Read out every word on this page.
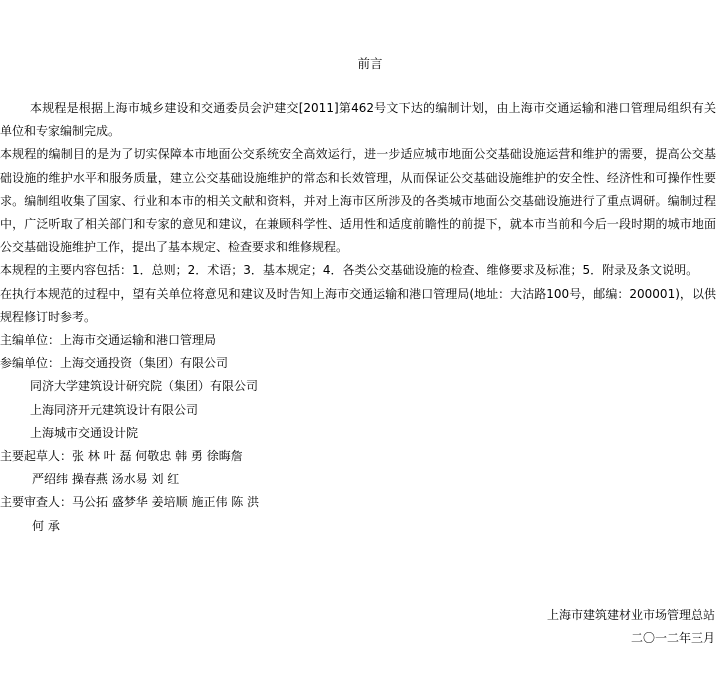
前言

本规程是根据上海市城乡建设和交通委员会沪建交[2011]第462号文下达的编制计划，由上海市交通运输和港口管理局组织有关单位和专家编制完成。

本规程的编制目的是为了切实保障本市地面公交系统安全高效运行，进一步适应城市地面公交基础设施运营和维护的需要，提高公交基础设施的维护水平和服务质量，建立公交基础设施维护的常态和长效管理，从而保证公交基础设施维护的安全性、经济性和可操作性要求。编制组收集了国家、行业和本市的相关文献和资料，并对上海市区所涉及的各类城市地面公交基础设施进行了重点调研。编制过程中，广泛听取了相关部门和专家的意见和建议，在兼顾科学性、适用性和适度前瞻性的前提下，就本市当前和今后一段时期的城市地面公交基础设施维护工作，提出了基本规定、检查要求和维修规程。

本规程的主要内容包括：1．总则；2．术语；3．基本规定；4．各类公交基础设施的检查、维修要求及标准；5．附录及条文说明。

在执行本规范的过程中，望有关单位将意见和建议及时告知上海市交通运输和港口管理局(地址：大沽路100号，邮编：200001)，以供规程修订时参考。

主编单位：上海市交通运输和港口管理局
参编单位：上海交通投资（集团）有限公司
同济大学建筑设计研究院（集团）有限公司
上海同济开元建筑设计有限公司
上海城市交通设计院
主要起草人：张 林 叶 磊 何敬忠 韩 勇 徐晦詹
严绍纬 操春燕 汤水易 刘 红
主要审查人：马公拓 盛梦华 姜培顺 施正伟 陈 洪
何 承
上海市建筑建材业市场管理总站
二〇一二年三月
